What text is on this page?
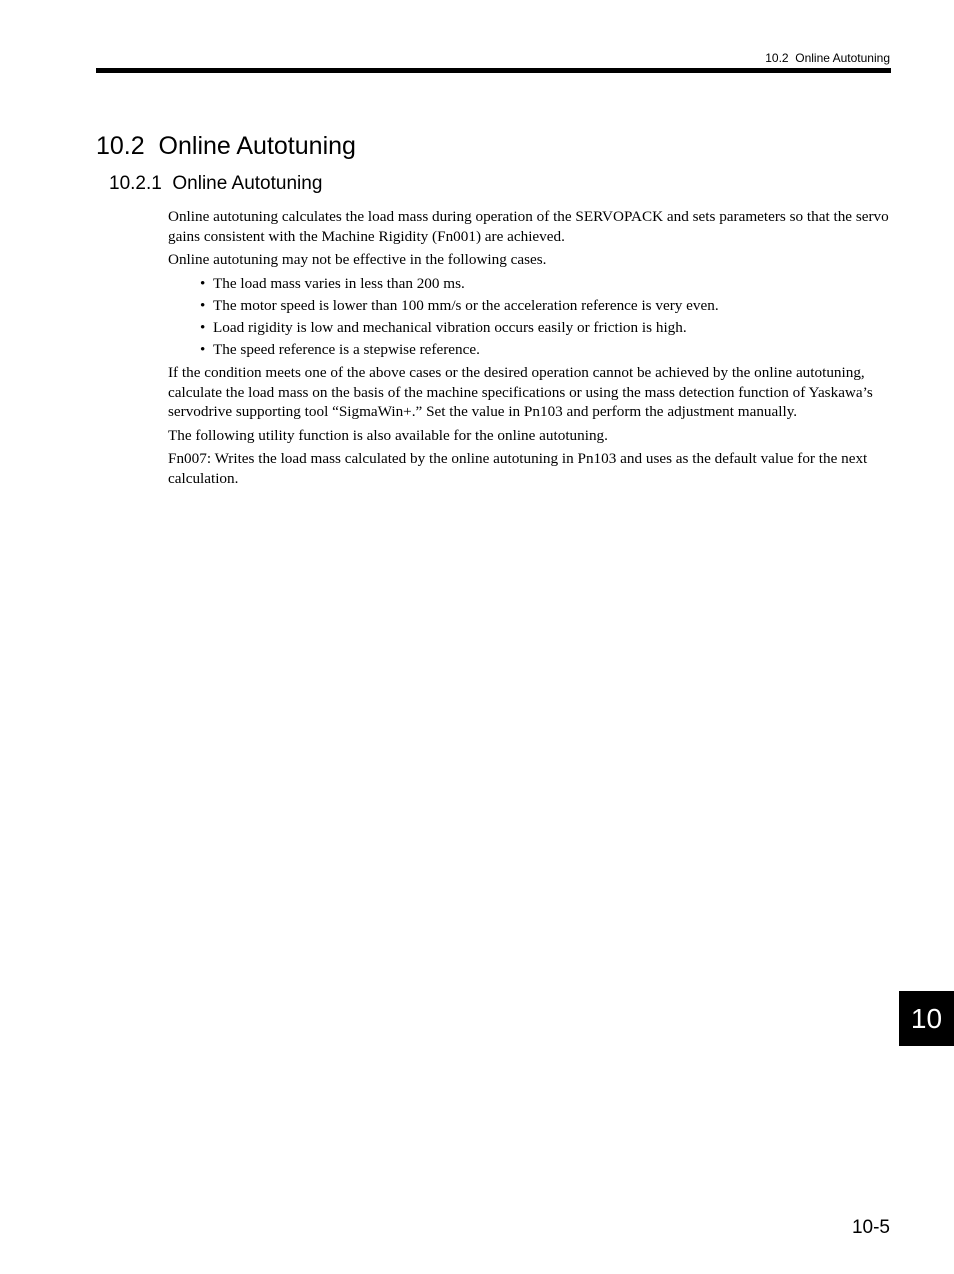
10.2  Online Autotuning
10.2  Online Autotuning
10.2.1  Online Autotuning

Online autotuning calculates the load mass during operation of the SERVOPACK and sets parameters so that the servo gains consistent with the Machine Rigidity (Fn001) are achieved.

Online autotuning may not be effective in the following cases.

• The load mass varies in less than 200 ms.
• The motor speed is lower than 100 mm/s or the acceleration reference is very even.
• Load rigidity is low and mechanical vibration occurs easily or friction is high.
• The speed reference is a stepwise reference.

If the condition meets one of the above cases or the desired operation cannot be achieved by the online autotuning, calculate the load mass on the basis of the machine specifications or using the mass detection function of Yaskawa’s servodrive supporting tool “SigmaWin+.” Set the value in Pn103 and perform the adjustment manually.

The following utility function is also available for the online autotuning.

Fn007: Writes the load mass calculated by the online autotuning in Pn103 and uses as the default value for the next calculation.

10
10-5
